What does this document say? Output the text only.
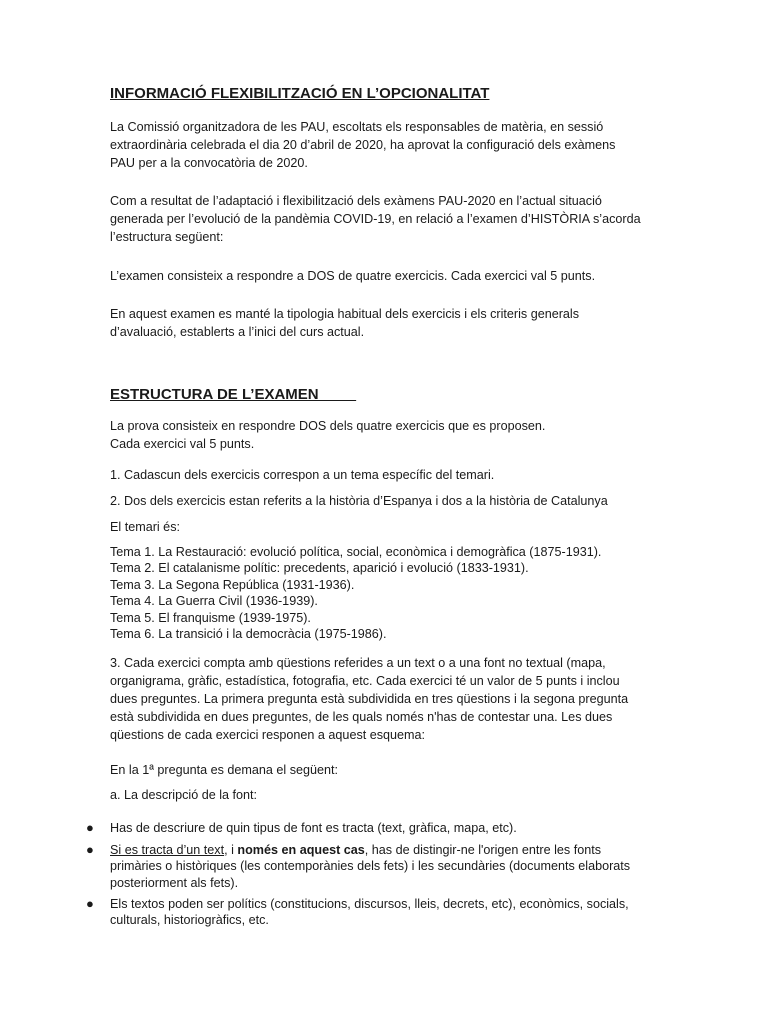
INFORMACIÓ FLEXIBILITZACIÓ EN L’OPCIONALITAT

La Comissió organitzadora de les PAU, escoltats els responsables de matèria, en sessió
extraordinària celebrada el dia 20 d’abril de 2020, ha aprovat la configuració dels exàmens
PAU per a la convocatòria de 2020.

Com a resultat de l’adaptació i flexibilització dels exàmens PAU-2020 en l’actual situació
generada per l’evolució de la pandèmia COVID-19, en relació a l’examen d’HISTÒRIA s’acorda
l’estructura següent:

L’examen consisteix a respondre a DOS de quatre exercicis. Cada exercici val 5 punts.

En aquest examen es manté la tipologia habitual dels exercicis i els criteris generals
d’avaluació, establerts a l’inici del curs actual.

ESTRUCTURA DE L’EXAMEN

La prova consisteix en respondre DOS dels quatre exercicis que es proposen.
Cada exercici val 5 punts.

1. Cadascun dels exercicis correspon a un tema específic del temari.

2. Dos dels exercicis estan referits a la història d’Espanya i dos a la història de Catalunya

El temari és:

Tema 1. La Restauració: evolució política, social, econòmica i demogràfica (1875-1931).
Tema 2. El catalanisme polític: precedents, aparició i evolució (1833-1931).
Tema 3. La Segona República (1931-1936).
Tema 4. La Guerra Civil (1936-1939).
Tema 5. El franquisme (1939-1975).
Tema 6. La transició i la democràcia (1975-1986).

3. Cada exercici compta amb qüestions referides a un text o a una font no textual (mapa,
organigrama, gràfic, estadística, fotografia, etc. Cada exercici té un valor de 5 punts i inclou
dues preguntes. La primera pregunta està subdividida en tres qüestions i la segona pregunta
està subdividida en dues preguntes, de les quals només n'has de contestar una. Les dues
qüestions de cada exercici responen a aquest esquema:

En la 1ª pregunta es demana el següent:

a. La descripció de la font:

●	Has de descriure de quin tipus de font es tracta (text, gràfica, mapa, etc).
●	Si es tracta d’un text, i només en aquest cas, has de distingir-ne l'origen entre les fonts
primàries o històriques (les contemporànies dels fets) i les secundàries (documents elaborats
posteriorment als fets).
●	Els textos poden ser polítics (constitucions, discursos, lleis, decrets, etc), econòmics, socials,
culturals, historiogràfics, etc.
